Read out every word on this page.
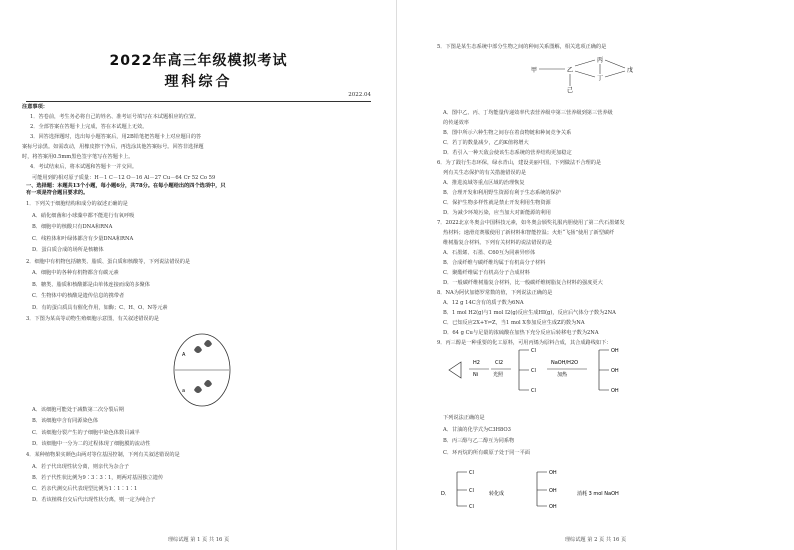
2022年高三年级模拟考试
理科综合
2022.04
注意事项：
1．答卷前，考生务必将自己的姓名、准考证号填写在本试题相应的位置。
2．全部答案在答题卡上完成，答在本试题上无效。
3．回答选择题时，选出每小题答案后，用2B铅笔把答题卡上对应题目的答
案标号涂黑。如需改动，用橡皮擦干净后，再选涂其他答案标号。回答非选择题
时，将答案用0.5mm黑色签字笔写在答题卡上。
4．考试结束后，将本试题和答题卡一并交回。
可能用到的相对原子质量：H－1 C－12 O－16 Al－27 Cu－64 Cr 52 Co 59
一、选择题：本题共13个小题，每小题6分，共78分。在每小题给出的四个选项中，只
有一项是符合题目要求的。
1．下列关于细胞结构和成分的叙述正确的是
A．硝化细菌和小球藻中都不能进行有氧呼吸
B．细胞中的核酸只有DNA和RNA
C．线粒体和叶绿体都含有少量DNA和RNA
D．蛋白质合成的场所是核糖体
2．细胞中有机物包括糖类、脂质、蛋白质和核酸等，下列说法错误的是
A．细胞中的各种有机物都含有碳元素
B．糖类、脂质和核酸都是由单体连接而成的多聚体
C．生物体中的核酸是遗传信息的携带者
D．有的蛋白质具有催化作用，如酶；C、H、O、N等元素
3．下图为某高等动物生殖细胞示意图，有关叙述错误的是
A
a
A．该细胞可能处于减数第二次分裂后期
B．该细胞中含有同源染色体
C．该细胞分裂产生的子细胞中染色体数目减半
D．该细胞中一分为二的过程体现了细胞膜的流动性
4．某种植物果实颜色由两对等位基因控制，下列有关叙述错误的是
A．若子代出现性状分离，则亲代为杂合子
B．若子代性状比例为9∶3∶3∶1，则两对基因独立遗传
C．若亲代测交后代表现型比例为1∶1∶1∶1
D．若该植株自交后代出现性状分离，则一定为纯合子
理综试题 第 1 页 共 16 页
5．下图是某生态系统中部分生物之间的种间关系图解，相关选项正确的是
甲	乙
丙
丁
戊
己
A．图中乙、丙、丁均能量传递效率代表营养级中第三营养级到第三营养级
的传递效率
B．图中所示六种生物之间存在着食物链和种间竞争关系
C．若丁的数量减少，乙的K值将增大
D．若引入一种天敌会使该生态系统的营养结构更加稳定
6．为了践行生态环保，绿水青山，建设美丽中国，下列做法不合理的是
列有关生态保护的有关措施错误的是
A．推进流域等重点区域的治理恢复
B．合理开发和利用野生资源有利于生态系统的保护
C．保护生物多样性就是禁止开发利用生物资源
D．为减少环境污染，应当加大对新能源的利用
7．2022北京冬奥会中国科技元素，如冬奥会颁奖礼服内胆使用了第二代石墨烯发
热材料；速滑竞赛服使用了新材料和智能控温；火炬“飞扬”使用了新型碳纤
维树脂复合材料。下列有关材料的说法错误的是
A．石墨烯、石墨、C60互为同素异形体
B．合成纤维与碳纤维均属于有机高分子材料
C．聚酯纤维属于有机高分子合成材料
D．一般碳纤维树脂复合材料，比一般碳纤维树脂复合材料的强度更大
8．NA为阿伏加德罗常数的值，下列说法正确的是
A．12 g 14C含有的质子数为6NA
B．1 mol H2(g)与1 mol I2(g)反应生成HI(g)，反应后气体分子数为2NA
C．已知反应2X+Y⇌Z，当1 mol X参加反应生成Z的数为NA
D．64 g Cu与足量的浓硫酸在加热下充分反应后转移电子数为2NA
9．丙三醇是一种重要的化工原料，可用丙烯为原料合成，其合成路线如下：
H2
Ni
Cl2
光照
Cl
Cl
Cl
NaOH/H2O
加热
OH
OH
OH
下列说法正确的是
A．甘油的化学式为C3H8O3
B．丙三醇与乙二醇互为同系物
C．环丙烷的所有碳原子处于同一平面
D．
Cl
Cl
Cl
转化成
OH
OH
OH
消耗 3 mol NaOH
理综试题 第 2 页 共 16 页
